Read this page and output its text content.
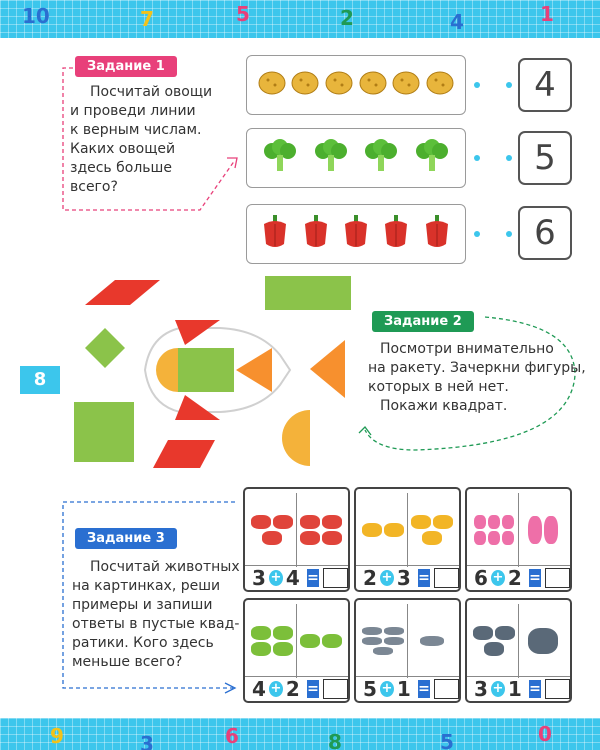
10	7	5	2	4	1
8
Задание 1
Посчитай овощи
и проведи линии
к верным числам.
Каких овощей
здесь больше
всего?
4
5
6
Задание 2
Посмотри внимательно
на ракету. Зачеркни фигуры,
которых в ней нет.
Покажи квадрат.
Задание 3
Посчитай животных
на картинках, реши
примеры и запиши
ответы в пустые квад-
ратики. Кого здесь
меньше всего?
3 + 4 = 2 + 3 = 6 + 2 =
4 + 2 = 5 + 1 = 3 + 1 =
9	3	6	8	5	0
